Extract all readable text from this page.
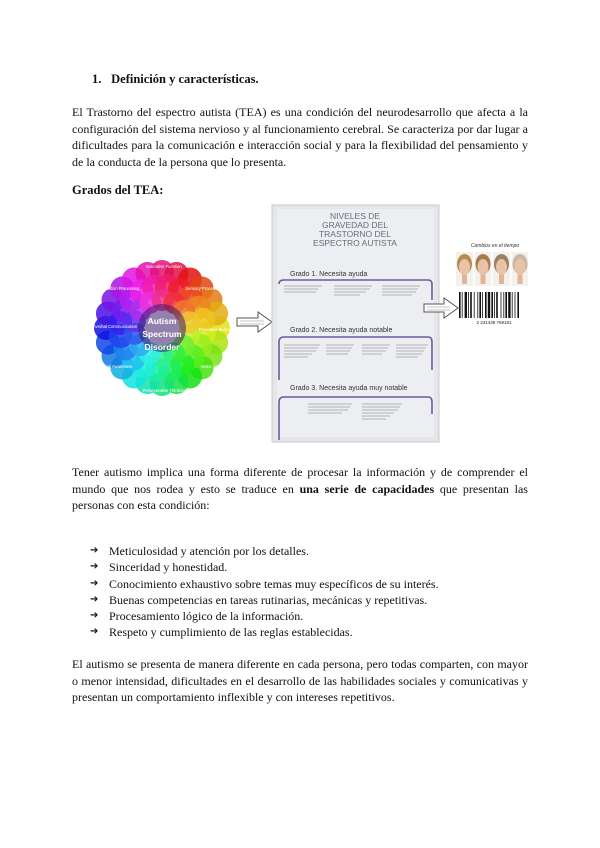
1. Definición y características.

El Trastorno del espectro autista (TEA) es una condición del neurodesarrollo que afecta a la configuración del sistema nervioso y al funcionamiento cerebral. Se caracteriza por dar lugar a dificultades para la comunicación e interacción social y para la flexibilidad del pensamiento y de la conducta de la persona que lo presenta.

Grados del TEA:
Autism
Spectrum
Disorder
Executive Function
Sensory Processing
Repetitive Behaviors
Motor Skills
Perseverative Thinking
Social Awareness
Verbal & Nonverbal Communication
Information Processing
NIVELES DE
GRAVEDAD DEL
TRASTORNO DEL
ESPECTRO AUTISTA
Grado 1. Necesita ayuda
Grado 2. Necesita ayuda notable
Grado 3. Necesita ayuda muy notable
Cambios en el tiempo
2 231439 759181

Tener autismo implica una forma diferente de procesar la información y de comprender el mundo que nos rodea y esto se traduce en una serie de capacidades que presentan las personas con esta condición:

➔ Meticulosidad y atención por los detalles.
➔ Sinceridad y honestidad.
➔ Conocimiento exhaustivo sobre temas muy específicos de su interés.
➔ Buenas competencias en tareas rutinarias, mecánicas y repetitivas.
➔ Procesamiento lógico de la información.
➔ Respeto y cumplimiento de las reglas establecidas.

El autismo se presenta de manera diferente en cada persona, pero todas comparten, con mayor o menor intensidad, dificultades en el desarrollo de las habilidades sociales y comunicativas y presentan un comportamiento inflexible y con intereses repetitivos.
